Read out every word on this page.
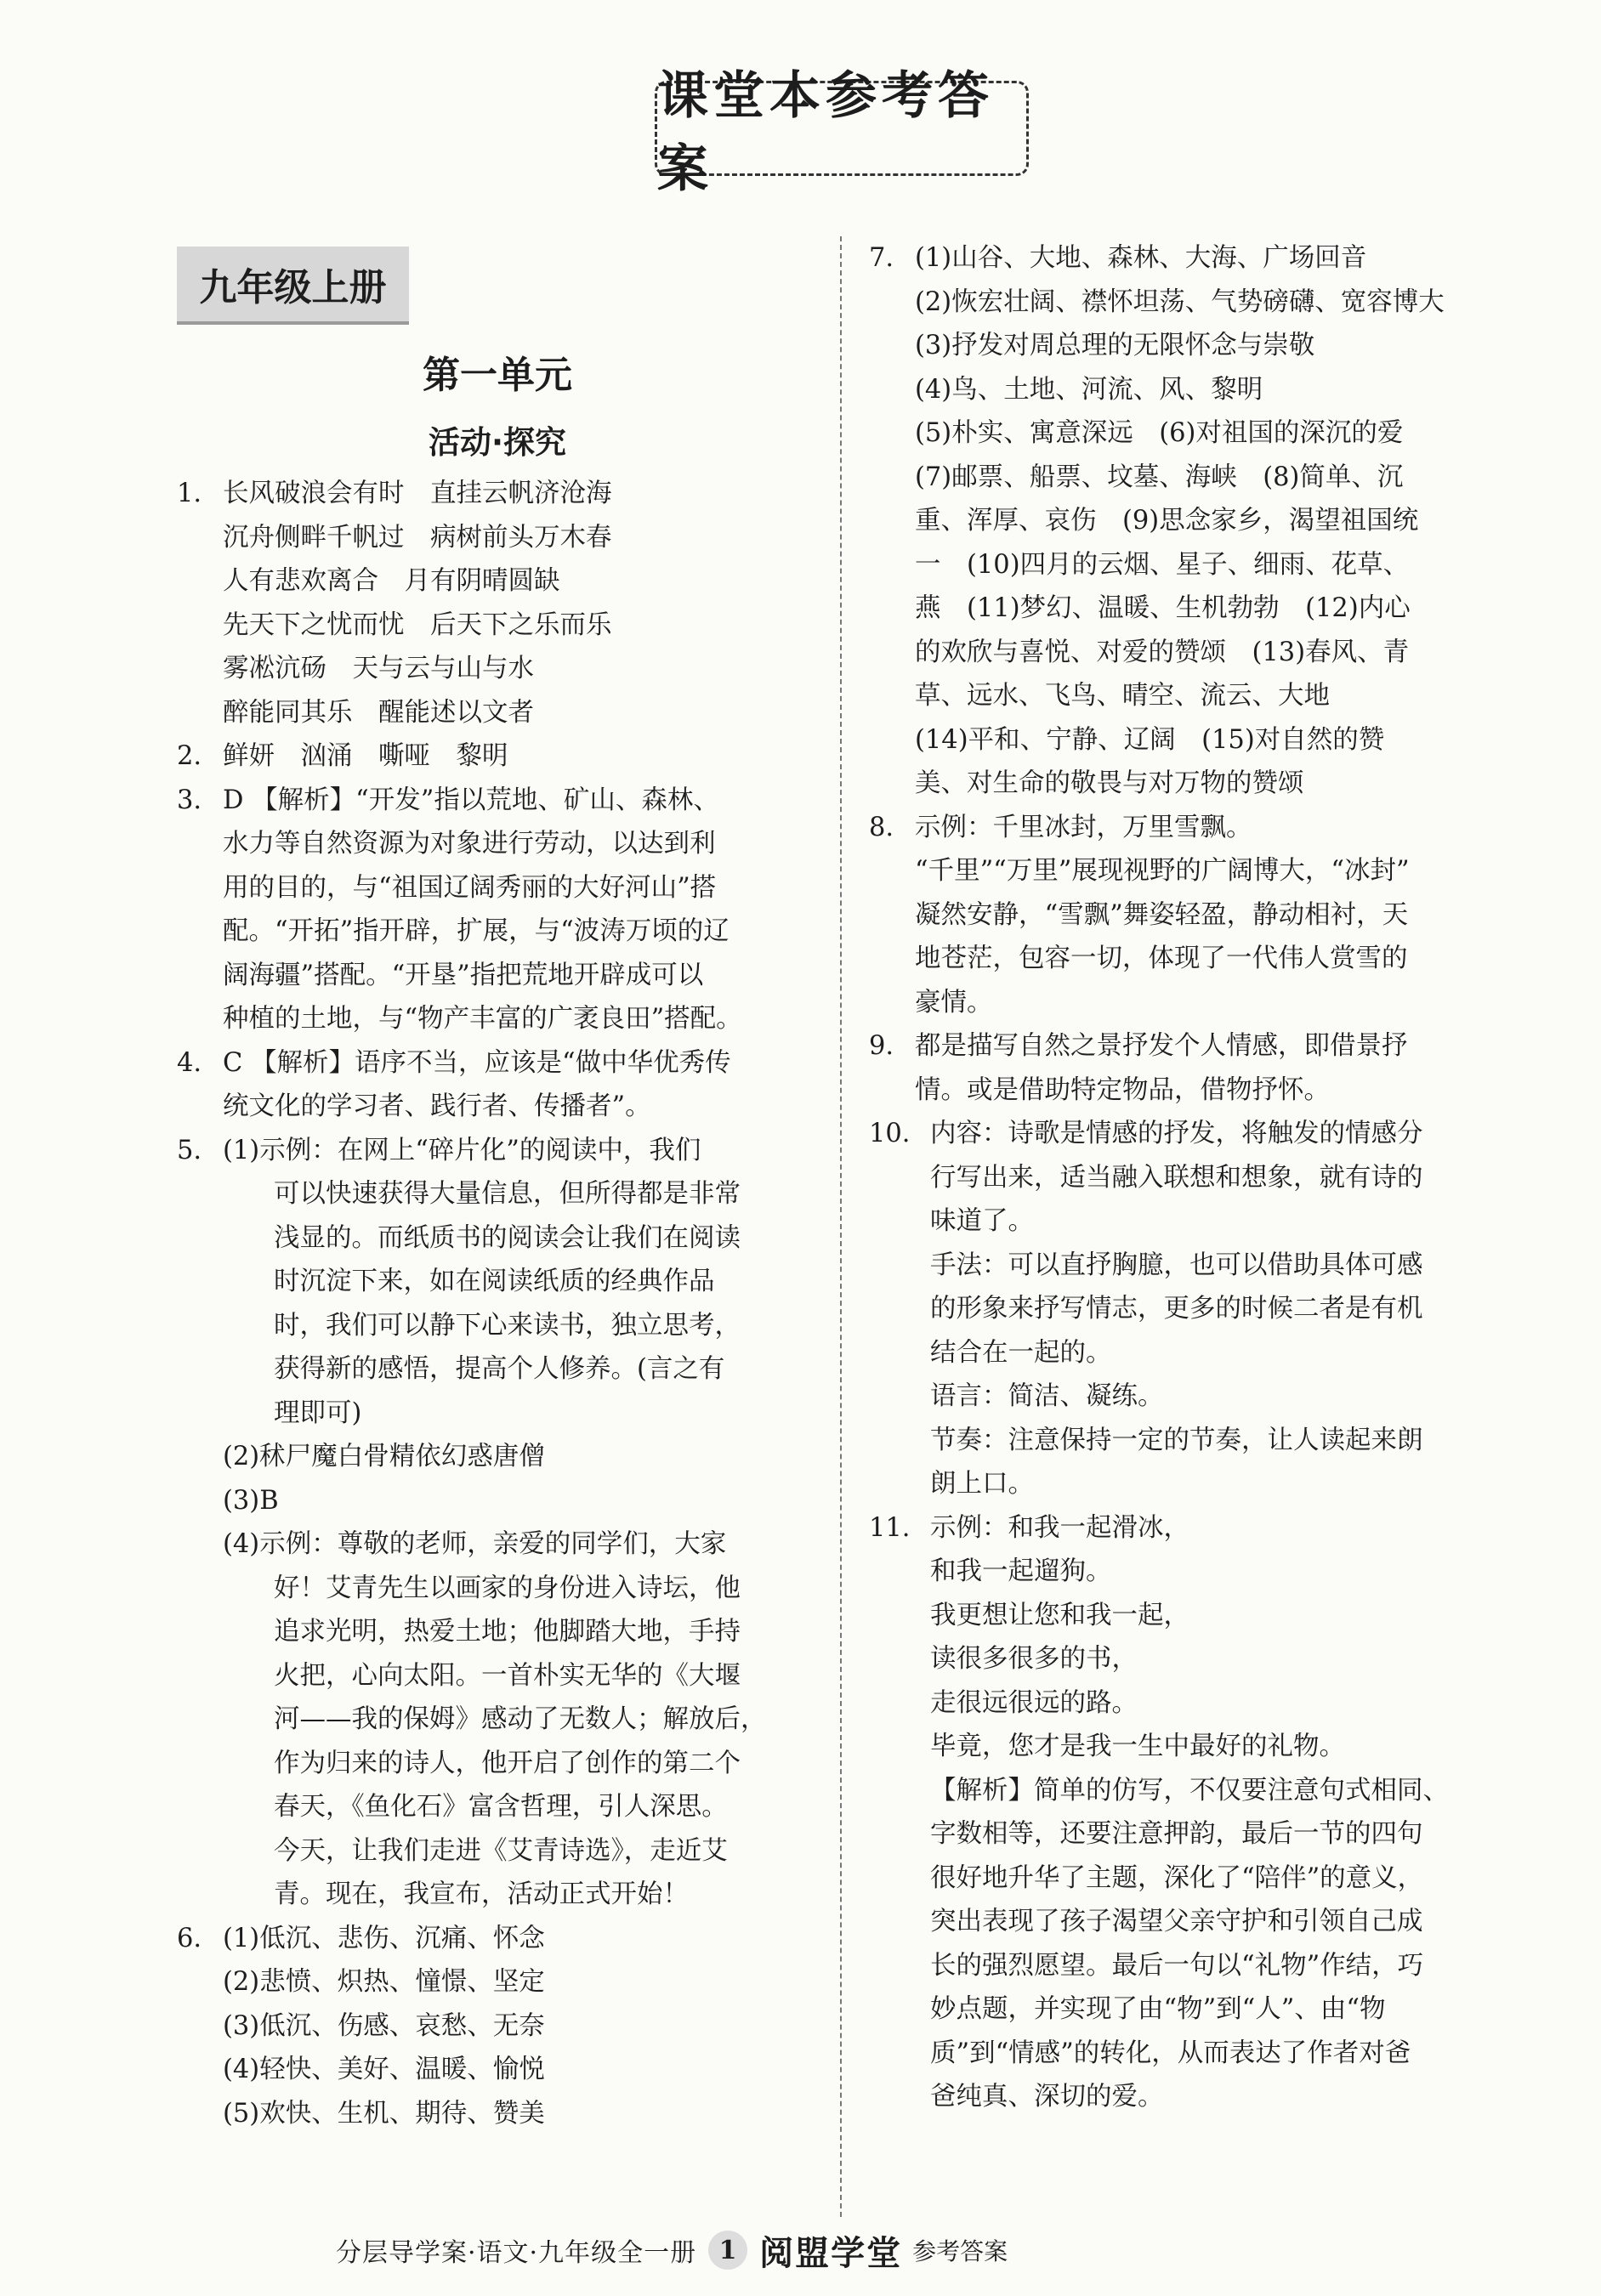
课堂本参考答案
九年级上册
第一单元
活动·探究
1. 长风破浪会有时　直挂云帆济沧海
沉舟侧畔千帆过　病树前头万木春
人有悲欢离合　月有阴晴圆缺
先天下之忧而忧　后天下之乐而乐
雾凇沆砀　天与云与山与水
醉能同其乐　醒能述以文者
2. 鲜妍　汹涌　嘶哑　黎明
3. D 【解析】“开发”指以荒地、矿山、森林、
水力等自然资源为对象进行劳动，以达到利
用的目的，与“祖国辽阔秀丽的大好河山”搭
配。“开拓”指开辟，扩展，与“波涛万顷的辽
阔海疆”搭配。“开垦”指把荒地开辟成可以
种植的土地，与“物产丰富的广袤良田”搭配。
4. C 【解析】语序不当，应该是“做中华优秀传
统文化的学习者、践行者、传播者”。
5. (1)示例：在网上“碎片化”的阅读中，我们
可以快速获得大量信息，但所得都是非常
浅显的。而纸质书的阅读会让我们在阅读
时沉淀下来，如在阅读纸质的经典作品
时，我们可以静下心来读书，独立思考，
获得新的感悟，提高个人修养。(言之有
理即可)
(2)秫尸魔白骨精依幻惑唐僧
(3)B
(4)示例：尊敬的老师，亲爱的同学们，大家
好！艾青先生以画家的身份进入诗坛，他
追求光明，热爱土地；他脚踏大地，手持
火把，心向太阳。一首朴实无华的《大堰
河——我的保姆》感动了无数人；解放后，
作为归来的诗人，他开启了创作的第二个
春天，《鱼化石》富含哲理，引人深思。
今天，让我们走进《艾青诗选》，走近艾
青。现在，我宣布，活动正式开始！
6. (1)低沉、悲伤、沉痛、怀念
(2)悲愤、炽热、憧憬、坚定
(3)低沉、伤感、哀愁、无奈
(4)轻快、美好、温暖、愉悦
(5)欢快、生机、期待、赞美
7. (1)山谷、大地、森林、大海、广场回音
(2)恢宏壮阔、襟怀坦荡、气势磅礴、宽容博大
(3)抒发对周总理的无限怀念与崇敬
(4)鸟、土地、河流、风、黎明
(5)朴实、寓意深远　(6)对祖国的深沉的爱
(7)邮票、船票、坟墓、海峡　(8)简单、沉
重、浑厚、哀伤　(9)思念家乡，渴望祖国统
一　(10)四月的云烟、星子、细雨、花草、
燕　(11)梦幻、温暖、生机勃勃　(12)内心
的欢欣与喜悦、对爱的赞颂　(13)春风、青
草、远水、飞鸟、晴空、流云、大地
(14)平和、宁静、辽阔　(15)对自然的赞
美、对生命的敬畏与对万物的赞颂
8. 示例：千里冰封，万里雪飘。
“千里”“万里”展现视野的广阔博大，“冰封”
凝然安静，“雪飘”舞姿轻盈，静动相衬，天
地苍茫，包容一切，体现了一代伟人赏雪的
豪情。
9. 都是描写自然之景抒发个人情感，即借景抒
情。或是借助特定物品，借物抒怀。
10. 内容：诗歌是情感的抒发，将触发的情感分
行写出来，适当融入联想和想象，就有诗的
味道了。
手法：可以直抒胸臆，也可以借助具体可感
的形象来抒写情志，更多的时候二者是有机
结合在一起的。
语言：简洁、凝练。
节奏：注意保持一定的节奏，让人读起来朗
朗上口。
11. 示例：和我一起滑冰，
和我一起遛狗。
我更想让您和我一起，
读很多很多的书，
走很远很远的路。
毕竟，您才是我一生中最好的礼物。
【解析】简单的仿写，不仅要注意句式相同、
字数相等，还要注意押韵，最后一节的四句
很好地升华了主题，深化了“陪伴”的意义，
突出表现了孩子渴望父亲守护和引领自己成
长的强烈愿望。最后一句以“礼物”作结，巧
妙点题，并实现了由“物”到“人”、由“物
质”到“情感”的转化，从而表达了作者对爸
爸纯真、深切的爱。
分层导学案·语文·九年级全一册 1 阅盟学堂 参考答案
